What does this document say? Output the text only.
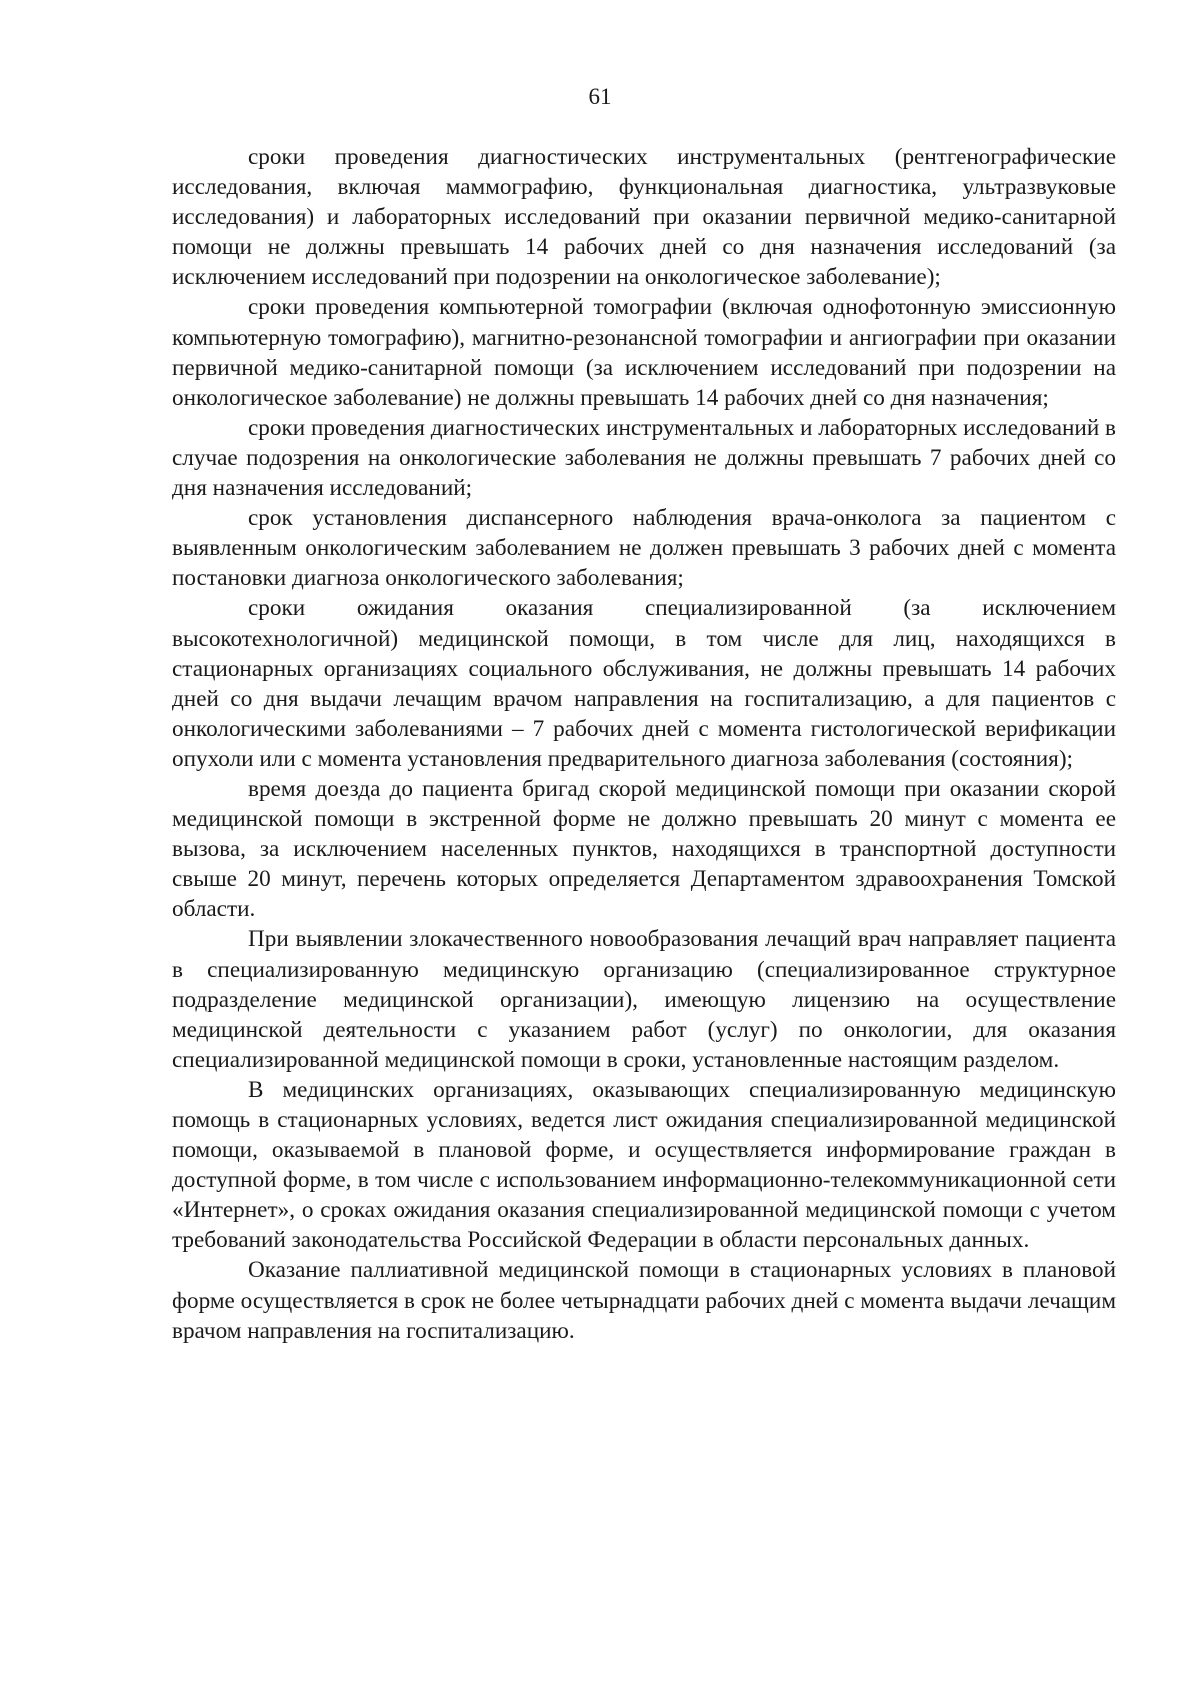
61

сроки проведения диагностических инструментальных (рентгенографические исследования, включая маммографию, функциональная диагностика, ультразвуковые исследования) и лабораторных исследований при оказании первичной медико-санитарной помощи не должны превышать 14 рабочих дней со дня назначения исследований (за исключением исследований при подозрении на онкологическое заболевание);

сроки проведения компьютерной томографии (включая однофотонную эмиссионную компьютерную томографию), магнитно-резонансной томографии и ангиографии при оказании первичной медико-санитарной помощи (за исключением исследований при подозрении на онкологическое заболевание) не должны превышать 14 рабочих дней со дня назначения;

сроки проведения диагностических инструментальных и лабораторных исследований в случае подозрения на онкологические заболевания не должны превышать 7 рабочих дней со дня назначения исследований;

срок установления диспансерного наблюдения врача-онколога за пациентом с выявленным онкологическим заболеванием не должен превышать 3 рабочих дней с момента постановки диагноза онкологического заболевания;

сроки ожидания оказания специализированной (за исключением высокотехнологичной) медицинской помощи, в том числе для лиц, находящихся в стационарных организациях социального обслуживания, не должны превышать 14 рабочих дней со дня выдачи лечащим врачом направления на госпитализацию, а для пациентов с онкологическими заболеваниями – 7 рабочих дней с момента гистологической верификации опухоли или с момента установления предварительного диагноза заболевания (состояния);

время доезда до пациента бригад скорой медицинской помощи при оказании скорой медицинской помощи в экстренной форме не должно превышать 20 минут с момента ее вызова, за исключением населенных пунктов, находящихся в транспортной доступности свыше 20 минут, перечень которых определяется Департаментом здравоохранения Томской области.

При выявлении злокачественного новообразования лечащий врач направляет пациента в специализированную медицинскую организацию (специализированное структурное подразделение медицинской организации), имеющую лицензию на осуществление медицинской деятельности с указанием работ (услуг) по онкологии, для оказания специализированной медицинской помощи в сроки, установленные настоящим разделом.

В медицинских организациях, оказывающих специализированную медицинскую помощь в стационарных условиях, ведется лист ожидания специализированной медицинской помощи, оказываемой в плановой форме, и осуществляется информирование граждан в доступной форме, в том числе с использованием информационно-телекоммуникационной сети «Интернет», о сроках ожидания оказания специализированной медицинской помощи с учетом требований законодательства Российской Федерации в области персональных данных.

Оказание паллиативной медицинской помощи в стационарных условиях в плановой форме осуществляется в срок не более четырнадцати рабочих дней с момента выдачи лечащим врачом направления на госпитализацию.
